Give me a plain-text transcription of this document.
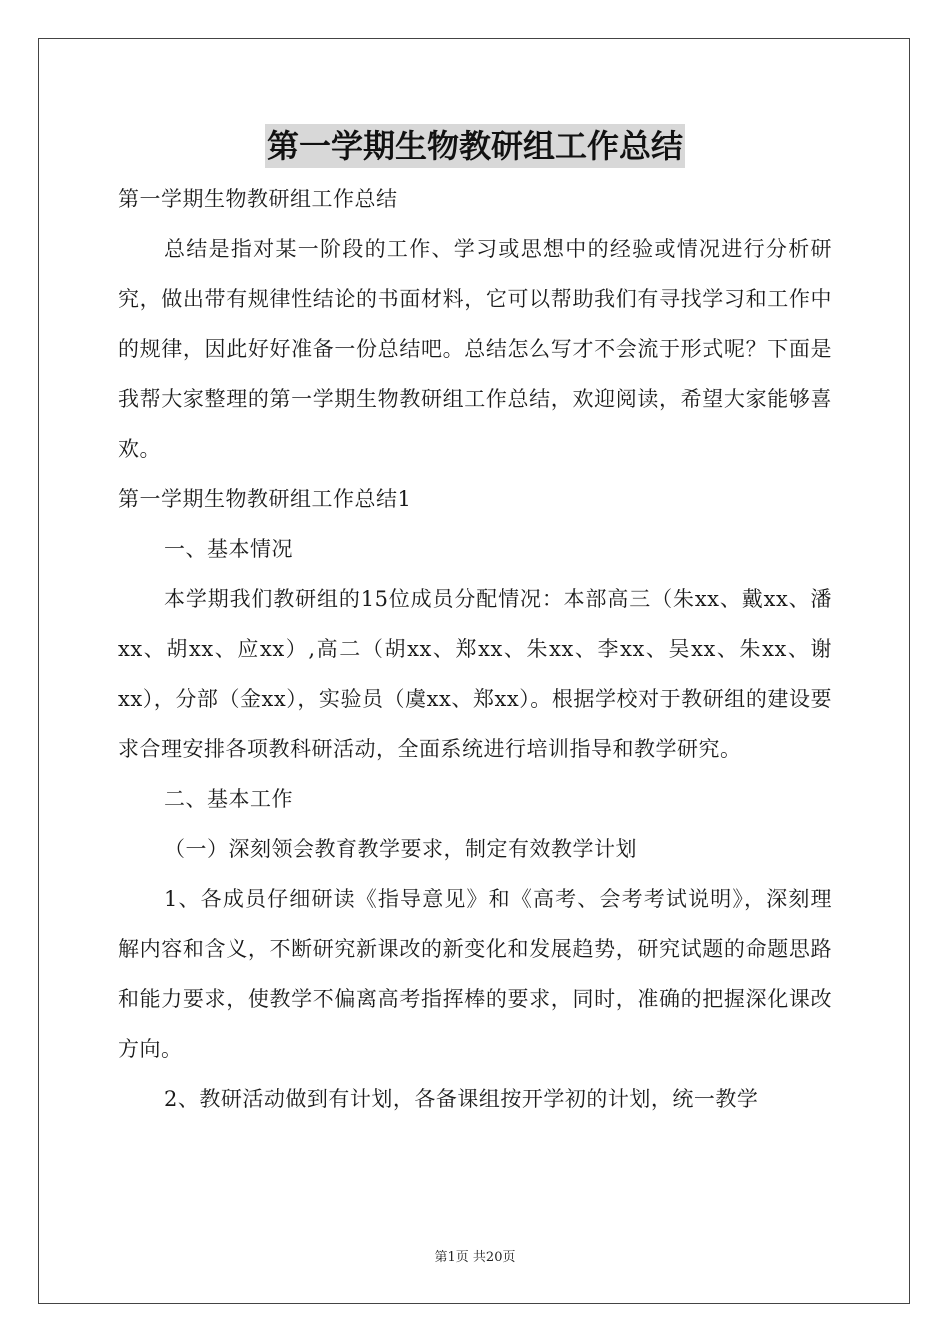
第一学期生物教研组工作总结

第一学期生物教研组工作总结

总结是指对某一阶段的工作、学习或思想中的经验或情况进行分析研究，做出带有规律性结论的书面材料，它可以帮助我们有寻找学习和工作中的规律，因此好好准备一份总结吧。总结怎么写才不会流于形式呢？下面是我帮大家整理的第一学期生物教研组工作总结，欢迎阅读，希望大家能够喜欢。

第一学期生物教研组工作总结1

一、基本情况

本学期我们教研组的15位成员分配情况：本部高三（朱xx、戴xx、潘xx、胡xx、应xx）,高二（胡xx、郑xx、朱xx、李xx、吴xx、朱xx、谢xx），分部（金xx），实验员（虞xx、郑xx）。根据学校对于教研组的建设要求合理安排各项教科研活动，全面系统进行培训指导和教学研究。

二、基本工作

（一）深刻领会教育教学要求，制定有效教学计划

1、各成员仔细研读《指导意见》和《高考、会考考试说明》，深刻理解内容和含义，不断研究新课改的新变化和发展趋势，研究试题的命题思路和能力要求，使教学不偏离高考指挥棒的要求，同时，准确的把握深化课改方向。

2、教研活动做到有计划，各备课组按开学初的计划，统一教学

第1页 共20页
